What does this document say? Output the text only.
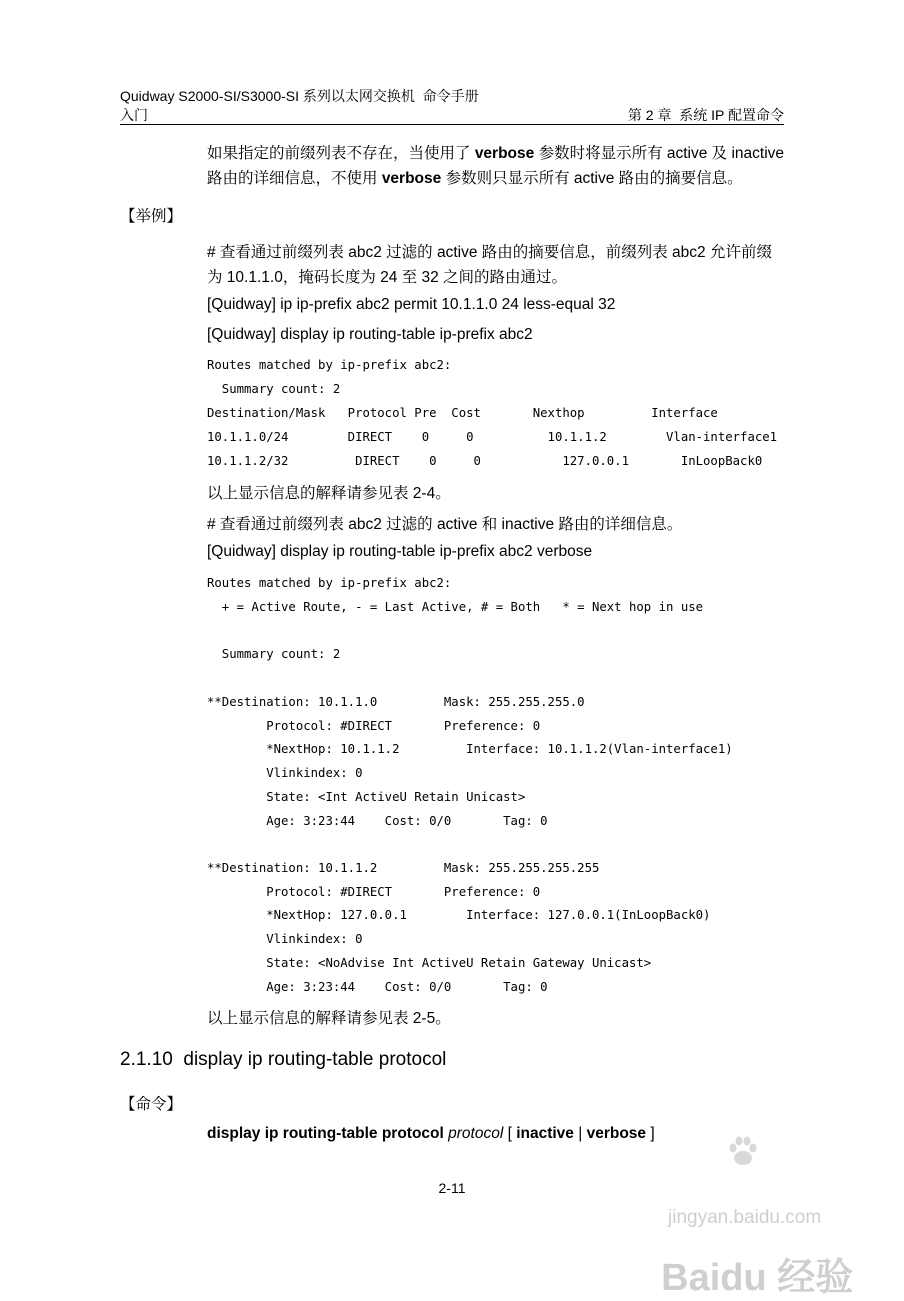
Quidway S2000-SI/S3000-SI 系列以太网交换机  命令手册
入门	第 2 章  系统 IP 配置命令
如果指定的前缀列表不存在，当使用了 verbose 参数时将显示所有 active 及 inactive
路由的详细信息，不使用 verbose 参数则只显示所有 active 路由的摘要信息。
【举例】
# 查看通过前缀列表 abc2 过滤的 active 路由的摘要信息，前缀列表 abc2 允许前缀
为 10.1.1.0，掩码长度为 24 至 32 之间的路由通过。
[Quidway] ip ip-prefix abc2 permit 10.1.1.0 24 less-equal 32
[Quidway] display ip routing-table ip-prefix abc2
Routes matched by ip-prefix abc2:
Summary count: 2
Destination/Mask   Protocol Pre  Cost       Nexthop         Interface
10.1.1.0/24        DIRECT    0     0          10.1.1.2        Vlan-interface1
10.1.1.2/32         DIRECT    0     0           127.0.0.1       InLoopBack0
以上显示信息的解释请参见表 2-4。
# 查看通过前缀列表 abc2 过滤的 active 和 inactive 路由的详细信息。
[Quidway] display ip routing-table ip-prefix abc2 verbose
Routes matched by ip-prefix abc2:
+ = Active Route, - = Last Active, # = Both   * = Next hop in use
Summary count: 2
**Destination: 10.1.1.0         Mask: 255.255.255.0
Protocol: #DIRECT       Preference: 0
*NextHop: 10.1.1.2         Interface: 10.1.1.2(Vlan-interface1)
Vlinkindex: 0
State: <Int ActiveU Retain Unicast>
Age: 3:23:44    Cost: 0/0       Tag: 0
**Destination: 10.1.1.2         Mask: 255.255.255.255
Protocol: #DIRECT       Preference: 0
*NextHop: 127.0.0.1        Interface: 127.0.0.1(InLoopBack0)
Vlinkindex: 0
State: <NoAdvise Int ActiveU Retain Gateway Unicast>
Age: 3:23:44    Cost: 0/0       Tag: 0
以上显示信息的解释请参见表 2-5。
2.1.10  display ip routing-table protocol
【命令】
display ip routing-table protocol protocol [ inactive | verbose ]
2-11

Baidu 经验

jingyan.baidu.com
